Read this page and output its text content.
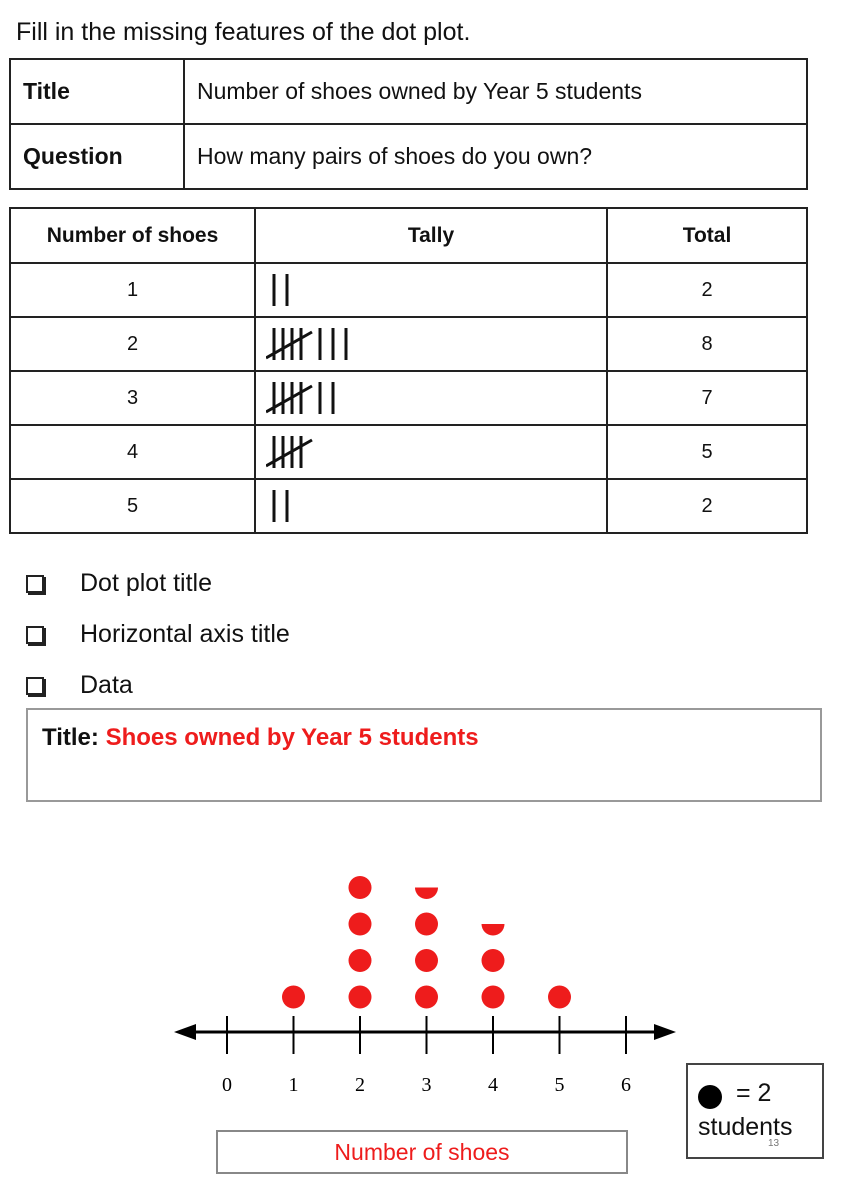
Fill in the missing features of the dot plot.
Title	Number of shoes owned by Year 5 students
Question	How many pairs of shoes do you own?
Number of shoes	Tally	Total
1		2
2		8
3		7
4		5
5		2
Dot plot title
Horizontal axis title
Data
Title: Shoes owned by Year 5 students
0	1	2	3	4	5	6	= 2
students
13
Number of shoes
